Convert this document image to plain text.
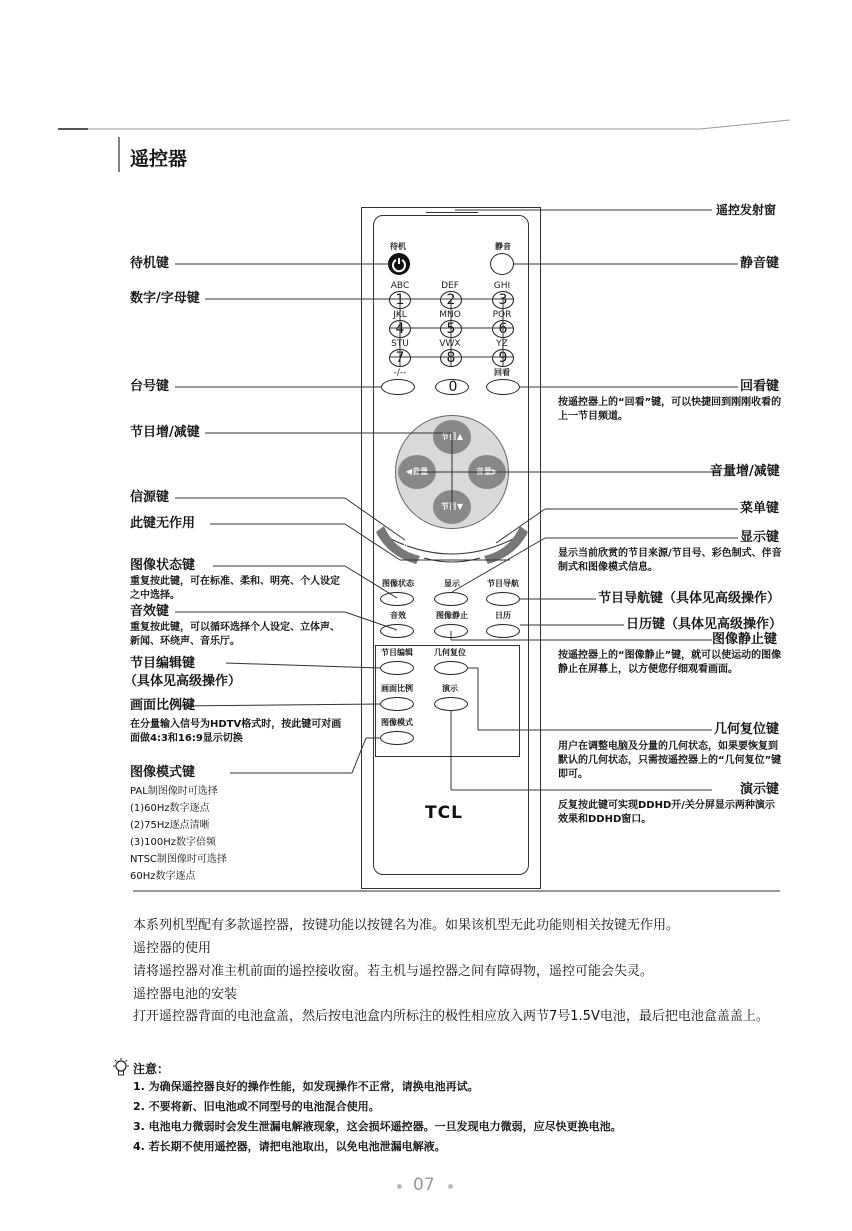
遥控器
待机	静音
ABC	DEF	GHI
JKL	MNO	PQR
STU	VWX	YZ
1	2	3
4	5	6
7	8	9
-/--	回看
0
节目▲
节目▼
◀音量	音量▶
信源	菜单
图像状态	显示	节目导航
音效	图像静止	日历
节目编辑	几何复位
画面比例	演示
图像模式
TCL
遥控发射窗
待机键	静音键
数字/字母键
台号键	回看键
按遥控器上的“回看”键，可以快捷回到刚刚收看的上一节目频道。
节目增/减键
音量增/减键
信源键
菜单键
此键无作用
显示键
显示当前欣赏的节目来源/节目号、彩色制式、伴音制式和图像模式信息。
图像状态键
重复按此键，可在标准、柔和、明亮、个人设定之中选择。	节目导航键（具体见高级操作）
音效键
重复按此键，可以循环选择个人设定、立体声、新闻、环绕声、音乐厅。
日历键（具体见高级操作）
图像静止键
按遥控器上的“图像静止”键，就可以使运动的图像静止在屏幕上，以方便您仔细观看画面。
节目编辑键
（具体见高级操作）
画面比例键
在分量输入信号为HDTV格式时，按此键可对画面做4:3和16:9显示切换
几何复位键
用户在调整电脑及分量的几何状态，如果要恢复到默认的几何状态，只需按遥控器上的“几何复位”键即可。
演示键
反复按此键可实现DDHD开/关分屏显示两种演示效果和DDHD窗口。
图像模式键
PAL制图像时可选择
(1)60Hz数字逐点
(2)75Hz逐点清晰
(3)100Hz数字倍频
NTSC制图像时可选择
60Hz数字逐点
本系列机型配有多款遥控器，按键功能以按键名为准。如果该机型无此功能则相关按键无作用。
遥控器的使用
请将遥控器对准主机前面的遥控接收窗。若主机与遥控器之间有障碍物，遥控可能会失灵。
遥控器电池的安装
打开遥控器背面的电池盒盖，然后按电池盒内所标注的极性相应放入两节7号1.5V电池，最后把电池盒盖盖上。
注意：
1. 为确保遥控器良好的操作性能，如发现操作不正常，请换电池再试。
2. 不要将新、旧电池或不同型号的电池混合使用。
3. 电池电力微弱时会发生泄漏电解液现象，这会损坏遥控器。一旦发现电力微弱，应尽快更换电池。
4. 若长期不使用遥控器，请把电池取出，以免电池泄漏电解液。
07
